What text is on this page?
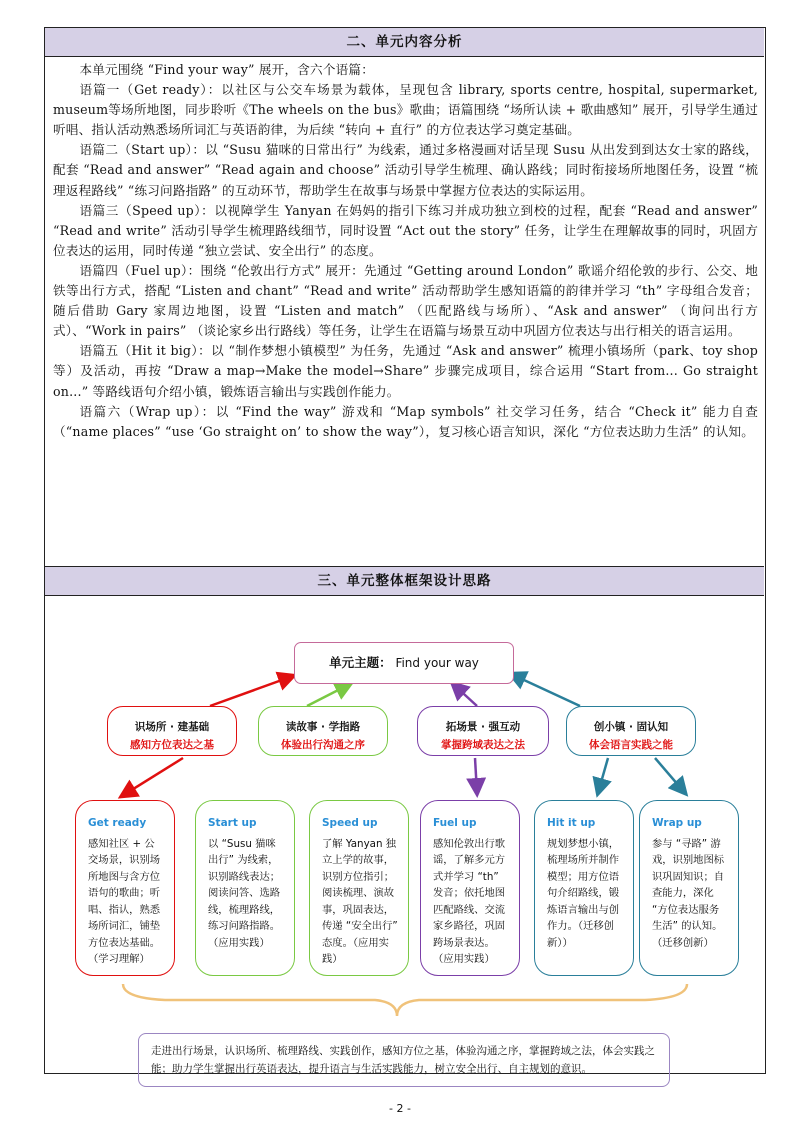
二、单元内容分析

本单元围绕 “Find your way” 展开，含六个语篇：

语篇一（Get ready）：以社区与公交车场景为载体，呈现包含 library, sports centre, hospital, supermarket, museum等场所地图，同步聆听《The wheels on the bus》歌曲；语篇围绕 “场所认读 + 歌曲感知” 展开，引导学生通过听唱、指认活动熟悉场所词汇与英语韵律，为后续 “转向 + 直行” 的方位表达学习奠定基础。

语篇二（Start up）：以 “Susu 猫咪的日常出行” 为线索，通过多格漫画对话呈现 Susu 从出发到到达女士家的路线，配套 “Read and answer” “Read again and choose” 活动引导学生梳理、确认路线；同时衔接场所地图任务，设置 “梳理返程路线” “练习问路指路” 的互动环节，帮助学生在故事与场景中掌握方位表达的实际运用。

语篇三（Speed up）：以视障学生 Yanyan 在妈妈的指引下练习并成功独立到校的过程，配套 “Read and answer” “Read and write” 活动引导学生梳理路线细节，同时设置 “Act out the story” 任务，让学生在理解故事的同时，巩固方位表达的运用，同时传递 “独立尝试、安全出行” 的态度。

语篇四（Fuel up）：围绕 “伦敦出行方式” 展开：先通过 “Getting around London” 歌谣介绍伦敦的步行、公交、地铁等出行方式，搭配 “Listen and chant” “Read and write” 活动帮助学生感知语篇的韵律并学习 “th” 字母组合发音；随后借助 Gary 家周边地图，设置 “Listen and match” （匹配路线与场所）、“Ask and answer” （询问出行方式）、“Work in pairs” （谈论家乡出行路线）等任务，让学生在语篇与场景互动中巩固方位表达与出行相关的语言运用。

语篇五（Hit it big）：以 “制作梦想小镇模型” 为任务，先通过 “Ask and answer” 梳理小镇场所（park、toy shop 等）及活动，再按 “Draw a map→Make the model→Share” 步骤完成项目，综合运用 “Start from... Go straight on...” 等路线语句介绍小镇，锻炼语言输出与实践创作能力。

语篇六（Wrap up）：以 “Find the way” 游戏和 “Map symbols” 社交学习任务，结合 “Check it” 能力自查（“name places” “use ‘Go straight on’ to show the way”），复习核心语言知识，深化 “方位表达助力生活” 的认知。

三、单元整体框架设计思路
单元主题： Find your way
识场所 · 建基础
感知方位表达之基
读故事 · 学指路
体验出行沟通之序
拓场景 · 强互动
掌握跨域表达之法
创小镇 · 固认知
体会语言实践之能
Get ready
感知社区 + 公交场景，识别场所地图与含方位语句的歌曲；听唱、指认，熟悉场所词汇，铺垫方位表达基础。（学习理解）
Start up
以 “Susu 猫咪出行” 为线索，识别路线表达；阅读问答、选路线，梳理路线，练习问路指路。（应用实践）
Speed up
了解 Yanyan 独立上学的故事，识别方位指引；阅读梳理、演故事，巩固表达，传递 “安全出行” 态度。（应用实践）
Fuel up
感知伦敦出行歌谣，了解多元方式并学习 “th” 发音；依托地图匹配路线、交流家乡路径，巩固跨场景表达。（应用实践）
Hit it up
规划梦想小镇，梳理场所并制作模型；用方位语句介绍路线，锻炼语言输出与创作力。（迁移创新））
Wrap up
参与 “寻路” 游戏，识别地图标识巩固知识；自查能力，深化 “方位表达服务生活” 的认知。（迁移创新）
走进出行场景，认识场所、梳理路线、实践创作，感知方位之基，体验沟通之序，掌握跨域之法，体会实践之能；助力学生掌握出行英语表达，提升语言与生活实践能力，树立安全出行、自主规划的意识。
- 2 -
